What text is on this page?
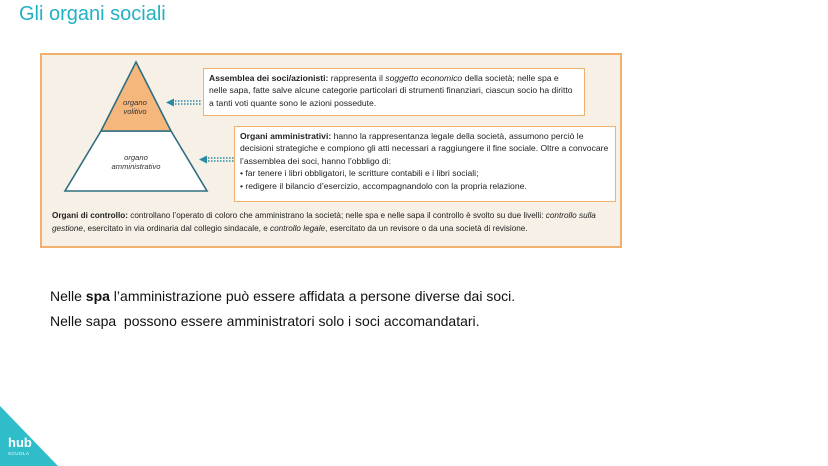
Gli organi sociali
organo
volitivo
organo
amministrativo
Assemblea dei soci/azionisti: rappresenta il soggetto economico della società; nelle spa e nelle sapa, fatte salve alcune categorie particolari di strumenti finanziari, ciascun socio ha diritto a tanti voti quante sono le azioni possedute.
Organi amministrativi: hanno la rappresentanza legale della società, assumono perciò le decisioni strategiche e compiono gli atti necessari a raggiungere il fine sociale. Oltre a convocare l’assemblea dei soci, hanno l’obbligo di:
• far tenere i libri obbligatori, le scritture contabili e i libri sociali;
• redigere il bilancio d’esercizio, accompagnandolo con la propria relazione.
Organi di controllo: controllano l’operato di coloro che amministrano la società; nelle spa e nelle sapa il controllo è svolto su due livelli: controllo sulla gestione, esercitato in via ordinaria dal collegio sindacale, e controllo legale, esercitato da un revisore o da una società di revisione.
Nelle spa l’amministrazione può essere affidata a persone diverse dai soci.
Nelle sapa  possono essere amministratori solo i soci accomandatari.
hub
SCUOLA
